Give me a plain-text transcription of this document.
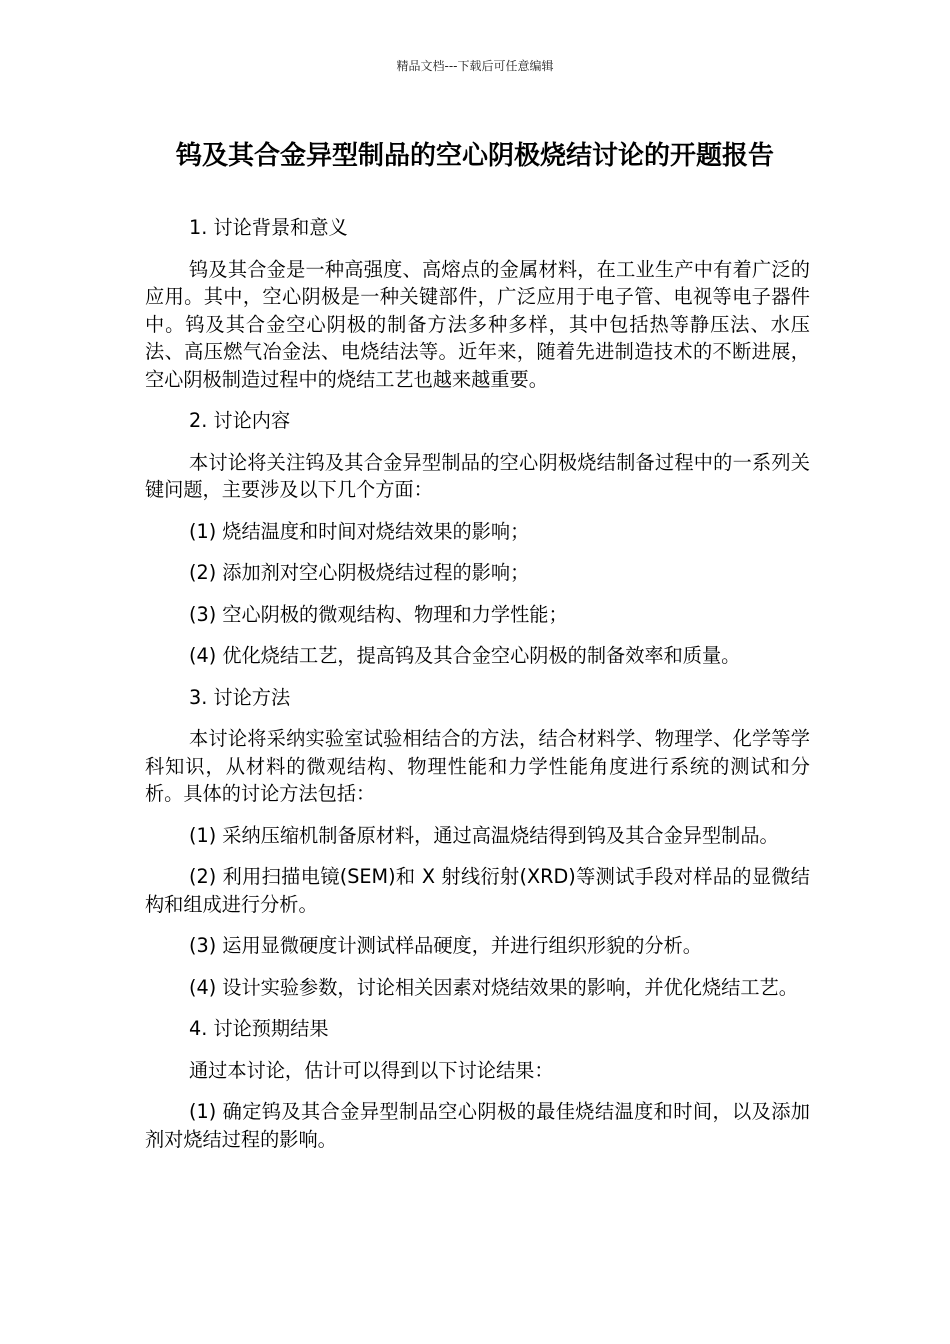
精品文档---下载后可任意编辑
钨及其合金异型制品的空心阴极烧结讨论的开题报告

1. 讨论背景和意义

钨及其合金是一种高强度、高熔点的金属材料，在工业生产中有着广泛的应用。其中，空心阴极是一种关键部件，广泛应用于电子管、电视等电子器件中。钨及其合金空心阴极的制备方法多种多样，其中包括热等静压法、水压法、高压燃气冶金法、电烧结法等。近年来，随着先进制造技术的不断进展，空心阴极制造过程中的烧结工艺也越来越重要。

2. 讨论内容

本讨论将关注钨及其合金异型制品的空心阴极烧结制备过程中的一系列关键问题，主要涉及以下几个方面：

(1) 烧结温度和时间对烧结效果的影响；

(2) 添加剂对空心阴极烧结过程的影响；

(3) 空心阴极的微观结构、物理和力学性能；

(4) 优化烧结工艺，提高钨及其合金空心阴极的制备效率和质量。

3. 讨论方法

本讨论将采纳实验室试验相结合的方法，结合材料学、物理学、化学等学科知识，从材料的微观结构、物理性能和力学性能角度进行系统的测试和分析。具体的讨论方法包括：

(1) 采纳压缩机制备原材料，通过高温烧结得到钨及其合金异型制品。

(2) 利用扫描电镜(SEM)和 X 射线衍射(XRD)等测试手段对样品的显微结构和组成进行分析。

(3) 运用显微硬度计测试样品硬度，并进行组织形貌的分析。

(4) 设计实验参数，讨论相关因素对烧结效果的影响，并优化烧结工艺。

4. 讨论预期结果

通过本讨论，估计可以得到以下讨论结果：

(1) 确定钨及其合金异型制品空心阴极的最佳烧结温度和时间，以及添加剂对烧结过程的影响。
